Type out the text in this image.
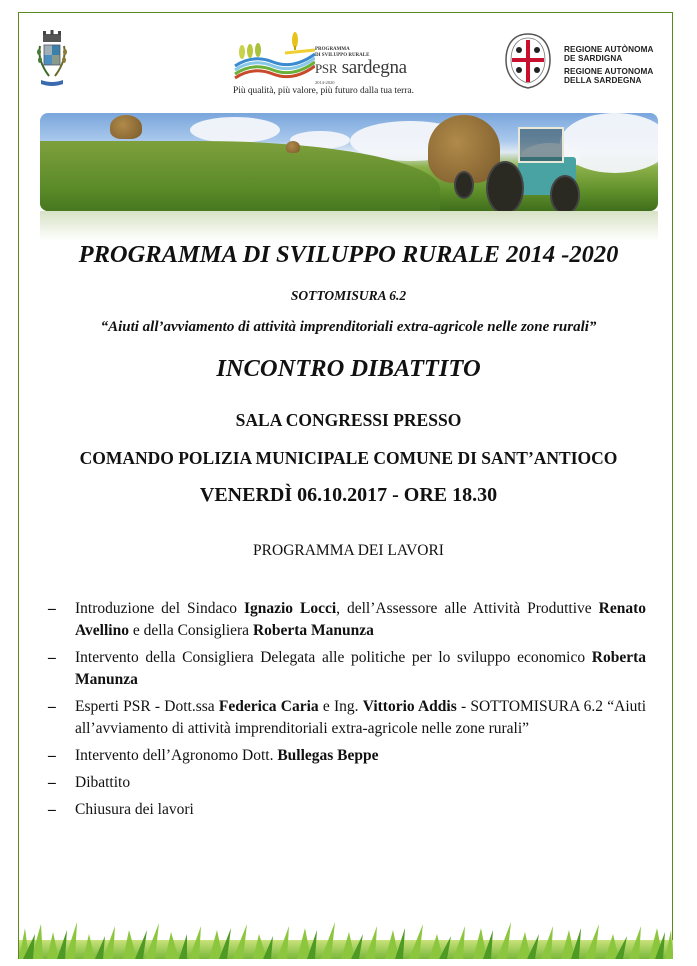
PROGRAMMA
DI SVILUPPO RURALE
PSR sardegna
2014-2020
Più qualità, più valore, più futuro dalla tua terra.
REGIONE AUTÒNOMA
DE SARDIGNA
REGIONE AUTONOMA
DELLA SARDEGNA
PROGRAMMA DI SVILUPPO RURALE 2014 -2020
SOTTOMISURA 6.2
“Aiuti all’avviamento di attività imprenditoriali extra-agricole nelle zone rurali”
INCONTRO DIBATTITO
SALA CONGRESSI PRESSO
COMANDO POLIZIA MUNICIPALE COMUNE DI SANT’ANTIOCO
VENERDÌ 06.10.2017 - ORE 18.30
PROGRAMMA DEI LAVORI
– Introduzione del Sindaco Ignazio Locci, dell’Assessore alle Attività Produttive Renato Avellino e della Consigliera Roberta Manunza
– Intervento della Consigliera Delegata alle politiche per lo sviluppo economico Roberta Manunza
– Esperti PSR - Dott.ssa Federica Caria e Ing. Vittorio Addis - SOTTOMISURA 6.2 “Aiuti all’avviamento di attività imprenditoriali extra-agricole nelle zone rurali”
– Intervento dell’Agronomo Dott. Bullegas Beppe
– Dibattito
– Chiusura dei lavori
